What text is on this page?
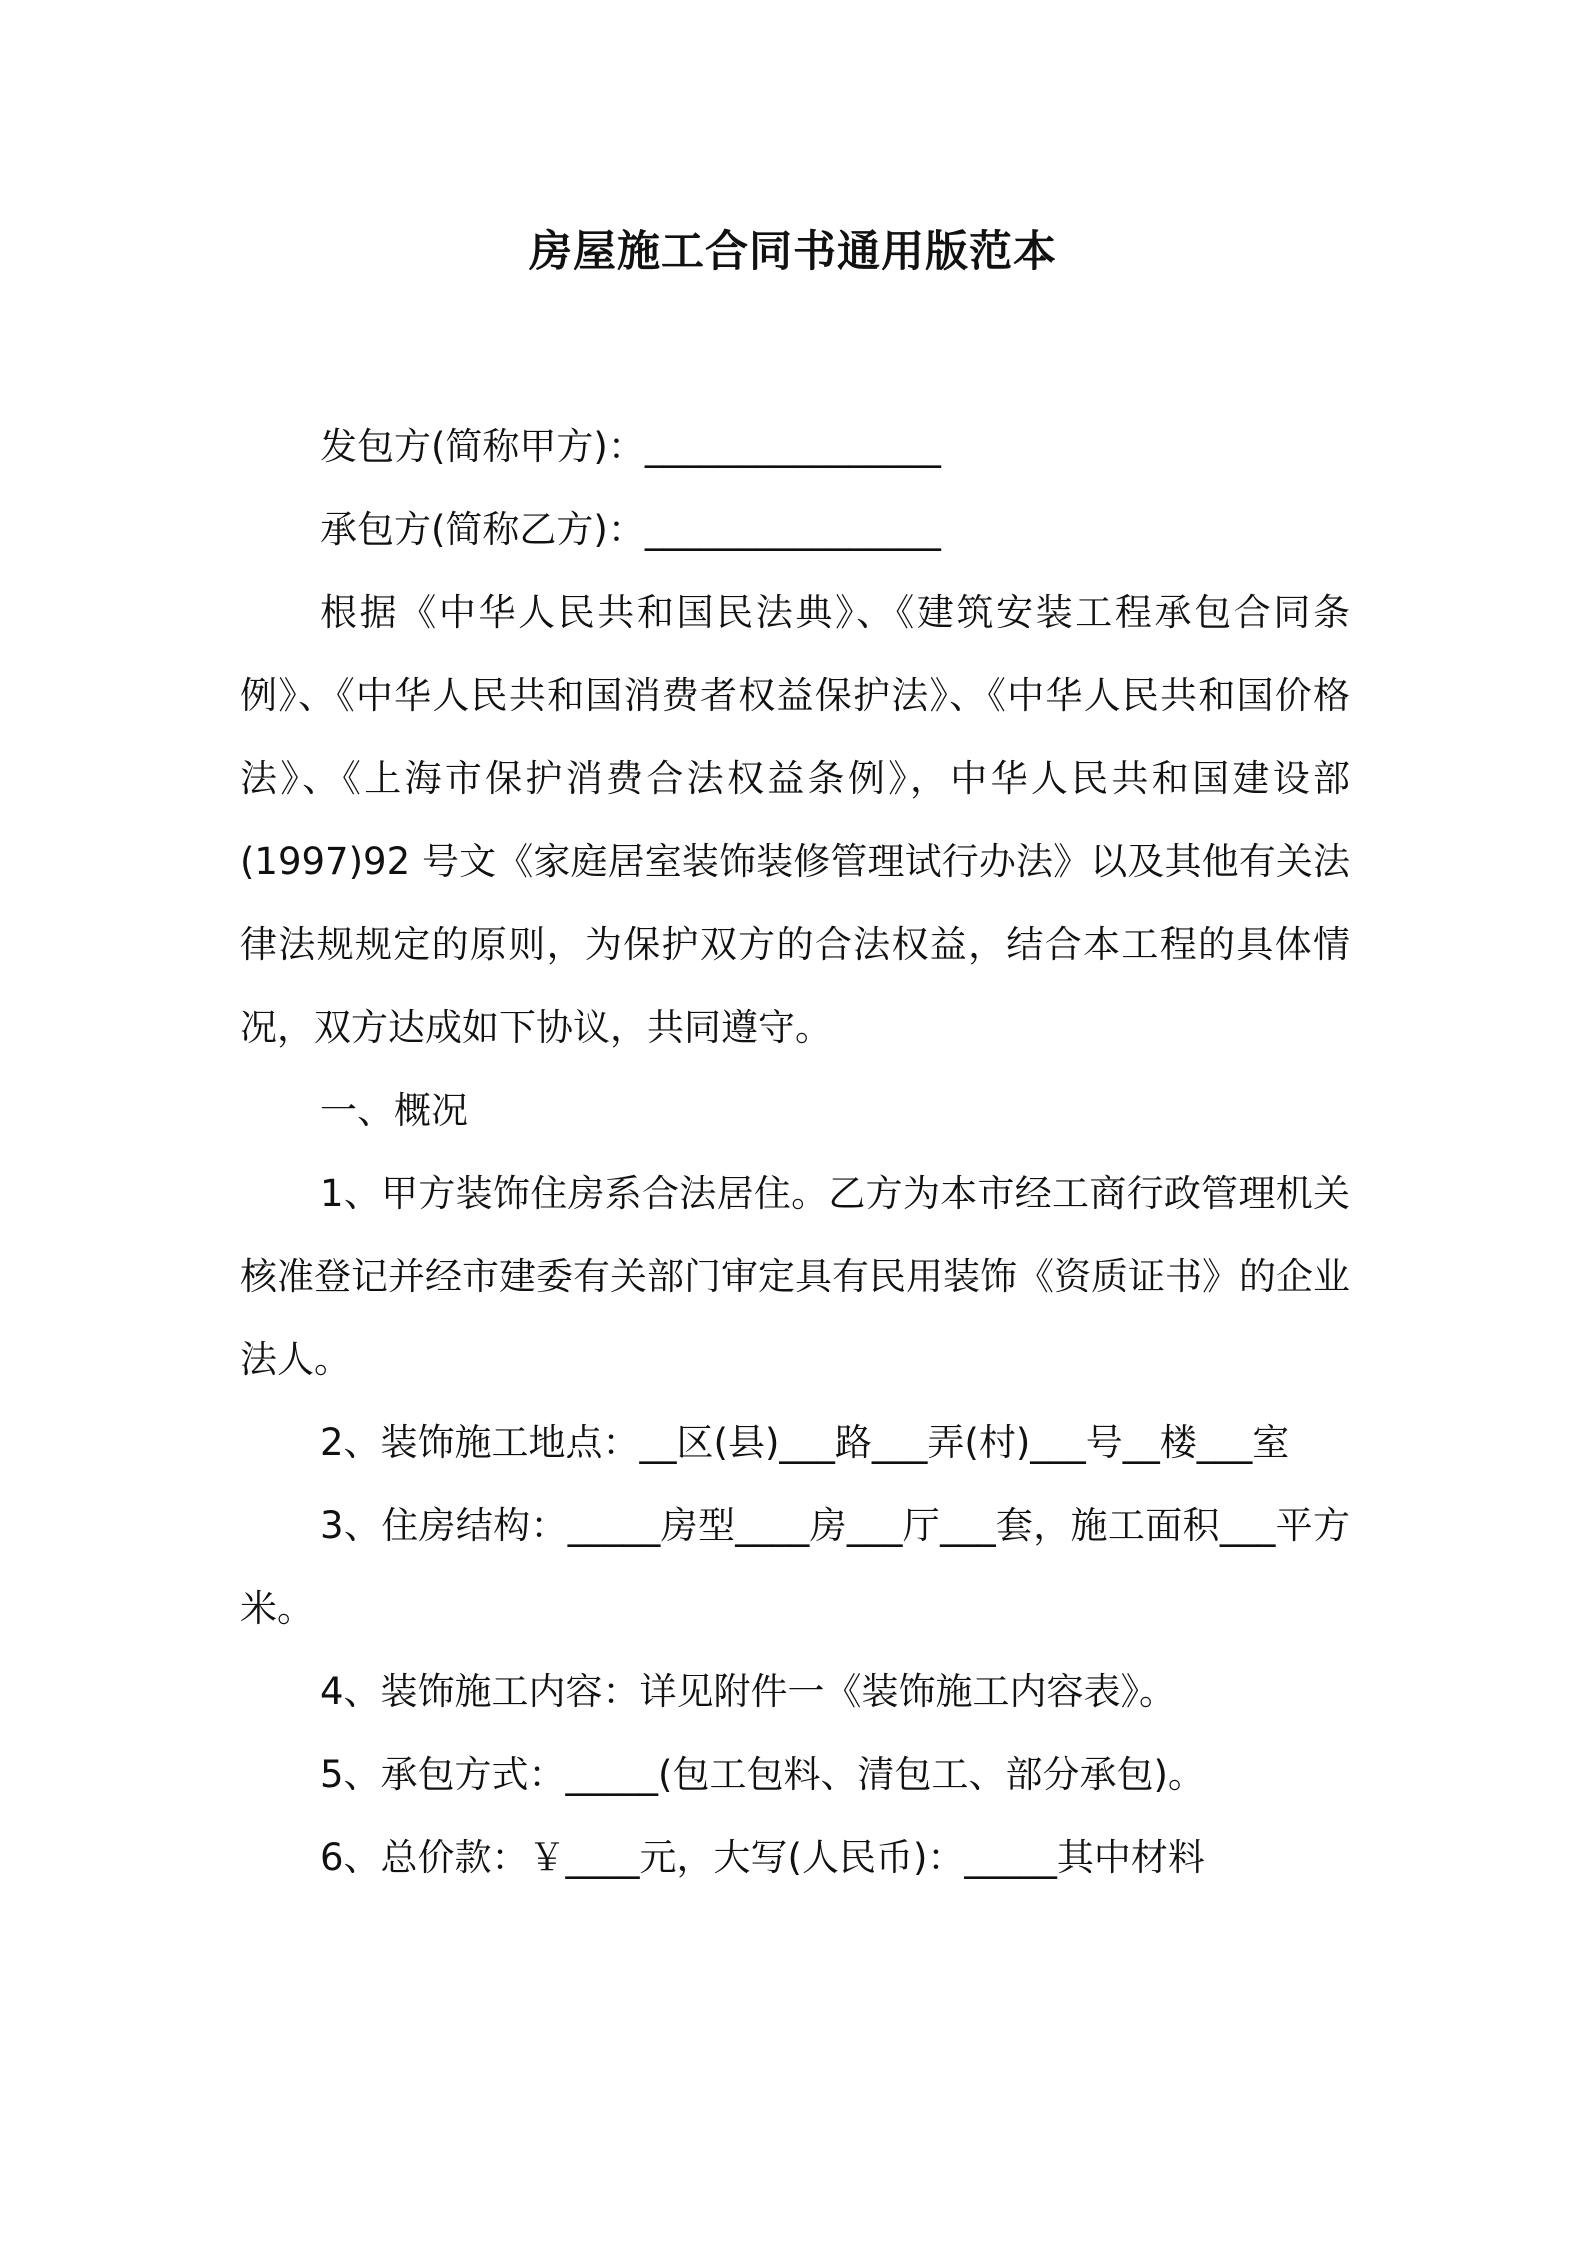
房屋施工合同书通用版范本

发包方(简称甲方)：________________

承包方(简称乙方)：________________

根据《中华人民共和国民法典》、《建筑安装工程承包合同条例》、《中华人民共和国消费者权益保护法》、《中华人民共和国价格法》、《上海市保护消费合法权益条例》，中华人民共和国建设部(1997)92 号文《家庭居室装饰装修管理试行办法》以及其他有关法律法规规定的原则，为保护双方的合法权益，结合本工程的具体情况，双方达成如下协议，共同遵守。

一、概况

1、甲方装饰住房系合法居住。乙方为本市经工商行政管理机关核准登记并经市建委有关部门审定具有民用装饰《资质证书》的企业法人。

2、装饰施工地点：__区(县)___路___弄(村)___号__楼___室

3、住房结构：_____房型____房___厅___套，施工面积___平方米。

4、装饰施工内容：详见附件一《装饰施工内容表》。

5、承包方式：_____(包工包料、清包工、部分承包)。

6、总价款：￥____元，大写(人民币)：_____其中材料
